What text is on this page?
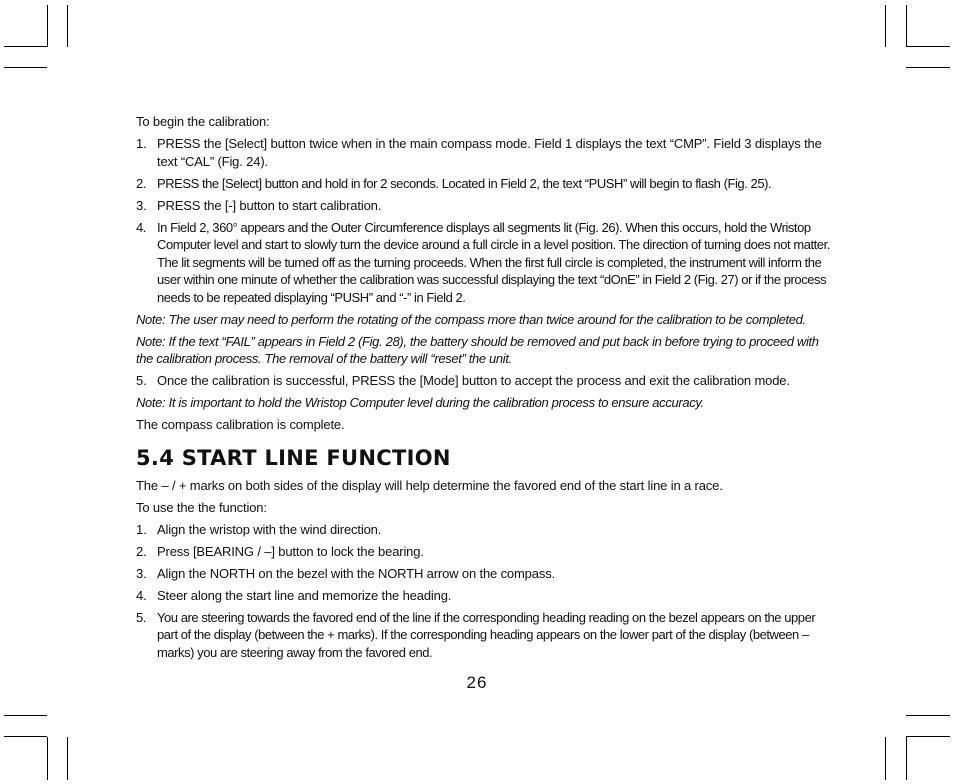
To begin the calibration:

1. PRESS the [Select] button twice when in the main compass mode. Field 1 displays the text “CMP”. Field 3 displays the text “CAL” (Fig. 24).
2. PRESS the [Select] button and hold in for 2 seconds. Located in Field 2, the text “PUSH” will begin to flash (Fig. 25).
3. PRESS the [-] button to start calibration.
4. In Field 2, 360° appears and the Outer Circumference displays all segments lit (Fig. 26). When this occurs, hold the Wristop Computer level and start to slowly turn the device around a full circle in a level position. The direction of turning does not matter. The lit segments will be turned off as the turning proceeds. When the first full circle is completed, the instrument will inform the user within one minute of whether the calibration was successful displaying the text “dOnE” in Field 2 (Fig. 27) or if the process needs to be repeated displaying “PUSH” and “-” in Field 2.

Note: The user may need to perform the rotating of the compass more than twice around for the calibration to be completed.

Note: If the text “FAIL” appears in Field 2 (Fig. 28), the battery should be removed and put back in before trying to proceed with the calibration process. The removal of the battery will “reset” the unit.

5. Once the calibration is successful, PRESS the [Mode] button to accept the process and exit the calibration mode.

Note: It is important to hold the Wristop Computer level during the calibration process to ensure accuracy.

The compass calibration is complete.

5.4 START LINE FUNCTION

The – / + marks on both sides of the display will help determine the favored end of the start line in a race.

To use the the function:

1. Align the wristop with the wind direction.
2. Press [BEARING / –] button to lock the bearing.
3. Align the NORTH on the bezel with the NORTH arrow on the compass.
4. Steer along the start line and memorize the heading.
5. You are steering towards the favored end of the line if the corresponding heading reading on the bezel appears on the upper part of the display (between the + marks). If the corresponding heading appears on the lower part of the display (between – marks) you are steering away from the favored end.
26
